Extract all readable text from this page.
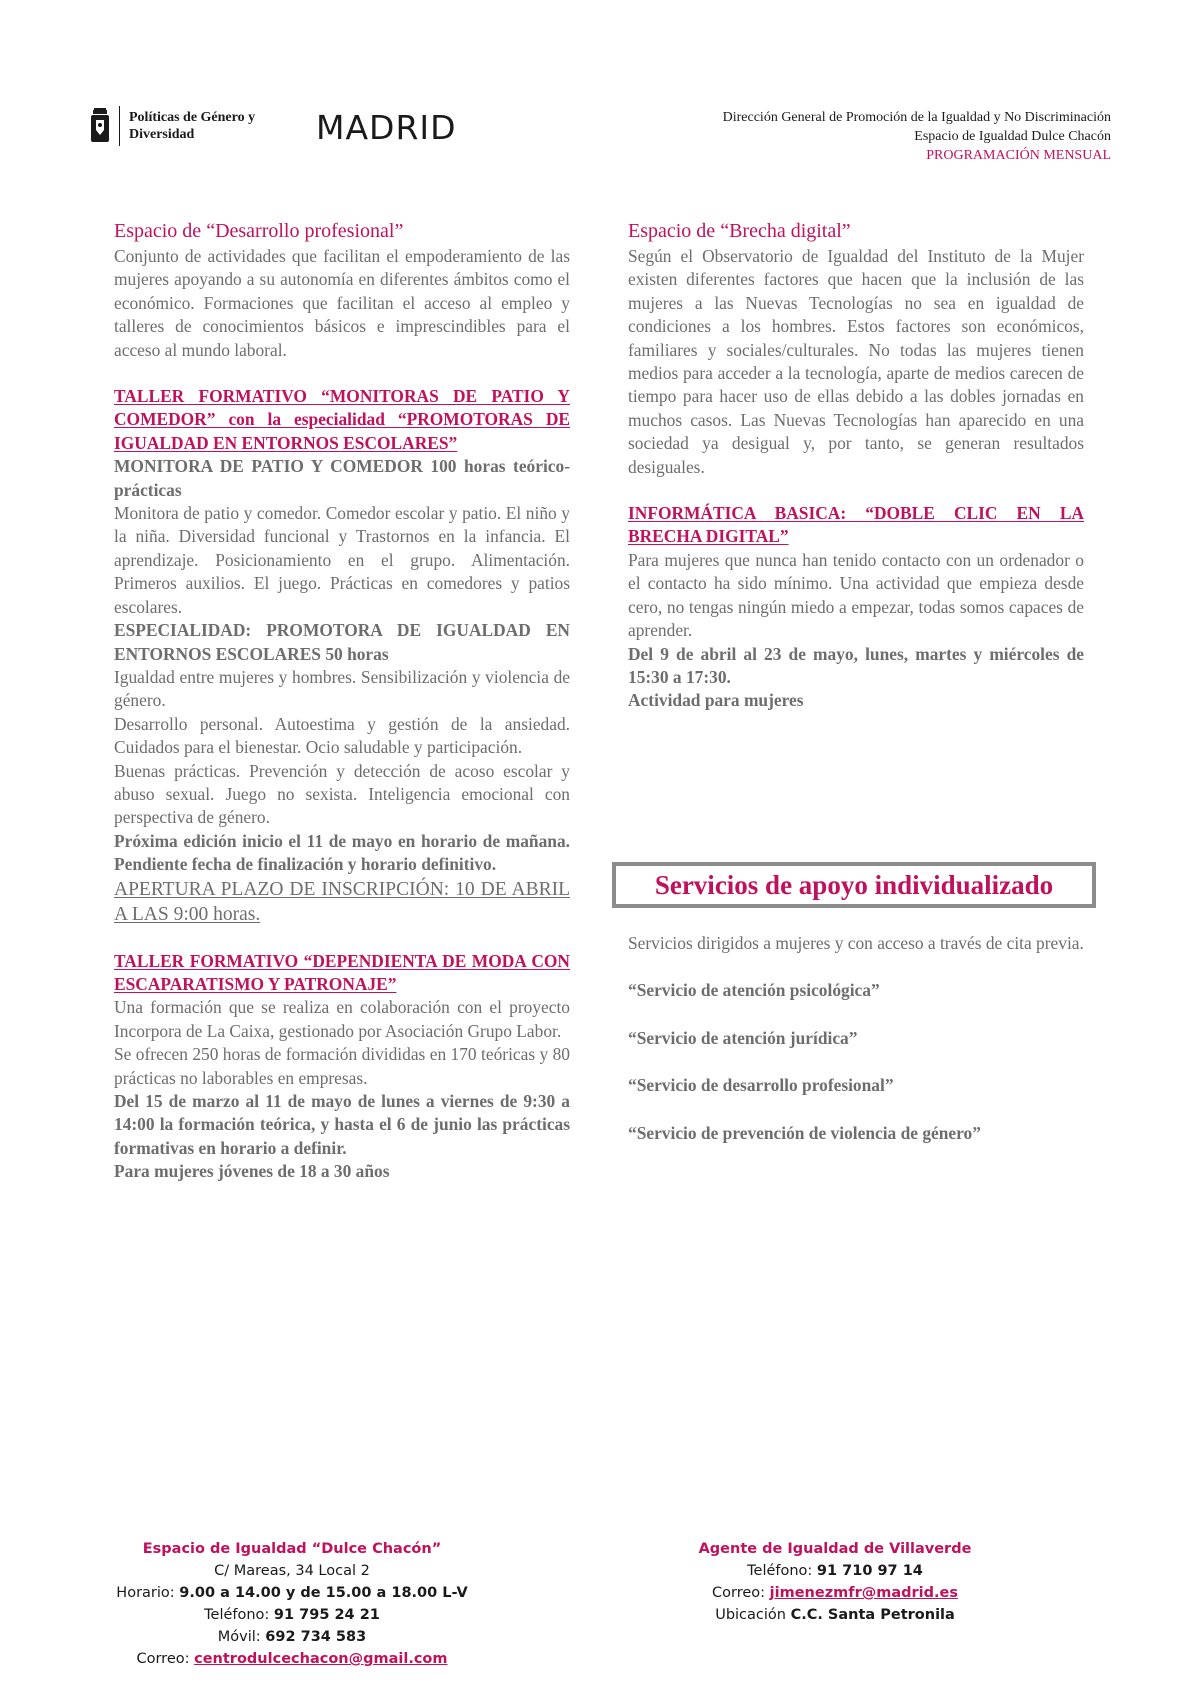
Políticas de Género y
Diversidad	MADRID	Dirección General de Promoción de la Igualdad y No Discriminación
Espacio de Igualdad Dulce Chacón
PROGRAMACIÓN MENSUAL

Espacio de “Desarrollo profesional”

Conjunto de actividades que facilitan el empoderamiento de las mujeres apoyando a su autonomía en diferentes ámbitos como el económico. Formaciones que facilitan el acceso al empleo y talleres de conocimientos básicos e imprescindibles para el acceso al mundo laboral.

TALLER FORMATIVO “MONITORAS DE PATIO Y COMEDOR” con la especialidad “PROMOTORAS DE IGUALDAD EN ENTORNOS ESCOLARES”

MONITORA DE PATIO Y COMEDOR 100 horas teórico-prácticas

Monitora de patio y comedor. Comedor escolar y patio. El niño y la niña. Diversidad funcional y Trastornos en la infancia. El aprendizaje. Posicionamiento en el grupo. Alimentación. Primeros auxilios. El juego. Prácticas en comedores y patios escolares.

ESPECIALIDAD: PROMOTORA DE IGUALDAD EN ENTORNOS ESCOLARES 50 horas

Igualdad entre mujeres y hombres. Sensibilización y violencia de género.

Desarrollo personal. Autoestima y gestión de la ansiedad. Cuidados para el bienestar. Ocio saludable y participación.

Buenas prácticas. Prevención y detección de acoso escolar y abuso sexual. Juego no sexista. Inteligencia emocional con perspectiva de género.

Próxima edición inicio el 11 de mayo en horario de mañana. Pendiente fecha de finalización y horario definitivo.

APERTURA PLAZO DE INSCRIPCIÓN: 10 DE ABRIL A LAS 9:00 horas.

TALLER FORMATIVO “DEPENDIENTA DE MODA CON ESCAPARATISMO Y PATRONAJE”

Una formación que se realiza en colaboración con el proyecto Incorpora de La Caixa, gestionado por Asociación Grupo Labor.

Se ofrecen 250 horas de formación divididas en 170 teóricas y 80 prácticas no laborables en empresas.

Del 15 de marzo al 11 de mayo de lunes a viernes de 9:30 a 14:00 la formación teórica, y hasta el 6 de junio las prácticas formativas en horario a definir.

Para mujeres jóvenes de 18 a 30 años

Espacio de “Brecha digital”

Según el Observatorio de Igualdad del Instituto de la Mujer existen diferentes factores que hacen que la inclusión de las mujeres a las Nuevas Tecnologías no sea en igualdad de condiciones a los hombres. Estos factores son económicos, familiares y sociales/culturales. No todas las mujeres tienen medios para acceder a la tecnología, aparte de medios carecen de tiempo para hacer uso de ellas debido a las dobles jornadas en muchos casos. Las Nuevas Tecnologías han aparecido en una sociedad ya desigual y, por tanto, se generan resultados desiguales.

INFORMÁTICA BASICA: “DOBLE CLIC EN LA BRECHA DIGITAL”

Para mujeres que nunca han tenido contacto con un ordenador o el contacto ha sido mínimo. Una actividad que empieza desde cero, no tengas ningún miedo a empezar, todas somos capaces de aprender.

Del 9 de abril al 23 de mayo, lunes, martes y miércoles de 15:30 a 17:30.

Actividad para mujeres

Servicios de apoyo individualizado

Servicios dirigidos a mujeres y con acceso a través de cita previa.

“Servicio de atención psicológica”

“Servicio de atención jurídica”

“Servicio de desarrollo profesional”

“Servicio de prevención de violencia de género”

Espacio de Igualdad “Dulce Chacón”
C/ Mareas, 34 Local 2
Horario: 9.00 a 14.00 y de 15.00 a 18.00 L-V
Teléfono: 91 795 24 21
Móvil: 692 734 583
Correo: centrodulcechacon@gmail.com
Agente de Igualdad de Villaverde
Teléfono: 91 710 97 14
Correo: jimenezmfr@madrid.es
Ubicación C.C. Santa Petronila
